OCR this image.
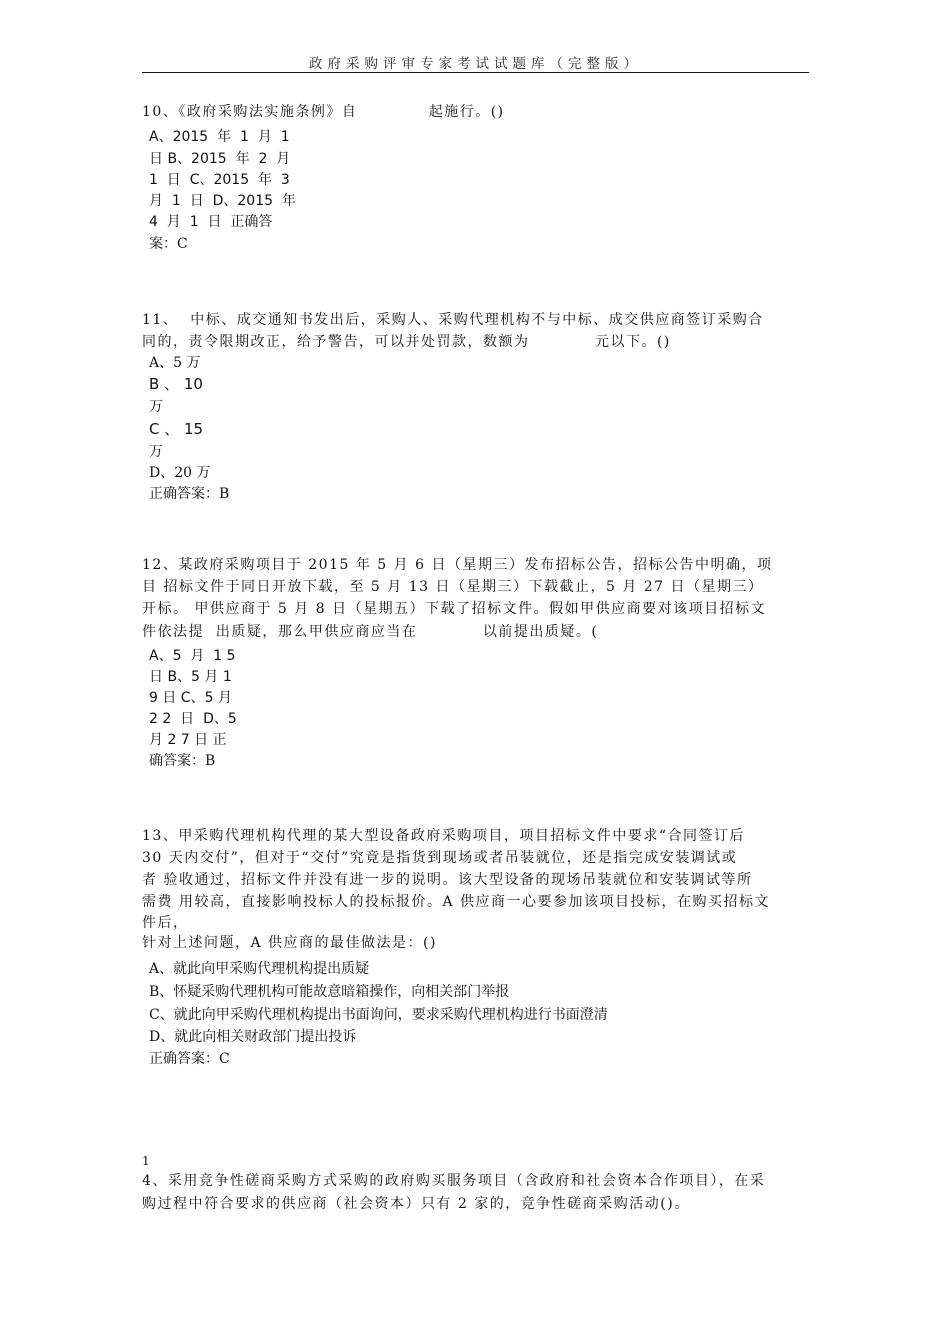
政府采购评审专家考试试题库（完整版）
10、《政府采购法实施条例》自            起施行。()
A、2015  年  1  月  1
日 B、2015  年  2  月
1  日  C、2015  年  3
月  1  日  D、2015  年
4  月  1  日  正确答
案：C
11、  中标、成交通知书发出后，采购人、采购代理机构不与中标、成交供应商签订采购合
同的，责令限期改正，给予警告，可以并处罚款，数额为           元以下。()
A、5 万
B 、 10
万
C 、 15
万
D、20 万
正确答案：B
12、某政府采购项目于 2015 年 5 月 6 日（星期三）发布招标公告，招标公告中明确，项
目 招标文件于同日开放下载，至 5 月 13 日（星期三）下载截止，5 月 27 日（星期三）
开标。 甲供应商于 5 月 8 日（星期五）下载了招标文件。假如甲供应商要对该项目招标文
件依法提  出质疑，那么甲供应商应当在           以前提出质疑。(
A、5  月  1 5
日 B、5 月 1
9 日 C、5 月
2 2  日  D、5
月 2 7 日 正
确答案：B
13、甲采购代理机构代理的某大型设备政府采购项目，项目招标文件中要求“合同签订后
30 天内交付”，但对于“交付”究竟是指货到现场或者吊装就位，还是指完成安装调试或
者 验收通过，招标文件并没有进一步的说明。该大型设备的现场吊装就位和安装调试等所
需费 用较高，直接影响投标人的投标报价。A 供应商一心要参加该项目投标，在购买招标文
件后，
针对上述问题，A 供应商的最佳做法是：()
A、就此向甲采购代理机构提出质疑
B、怀疑采购代理机构可能故意暗箱操作，向相关部门举报
C、就此向甲采购代理机构提出书面询问，要求采购代理机构进行书面澄清
D、就此向相关财政部门提出投诉
正确答案：C
1
4、采用竞争性磋商采购方式采购的政府购买服务项目（含政府和社会资本合作项目），在采
购过程中符合要求的供应商（社会资本）只有 2 家的，竞争性磋商采购活动()。
